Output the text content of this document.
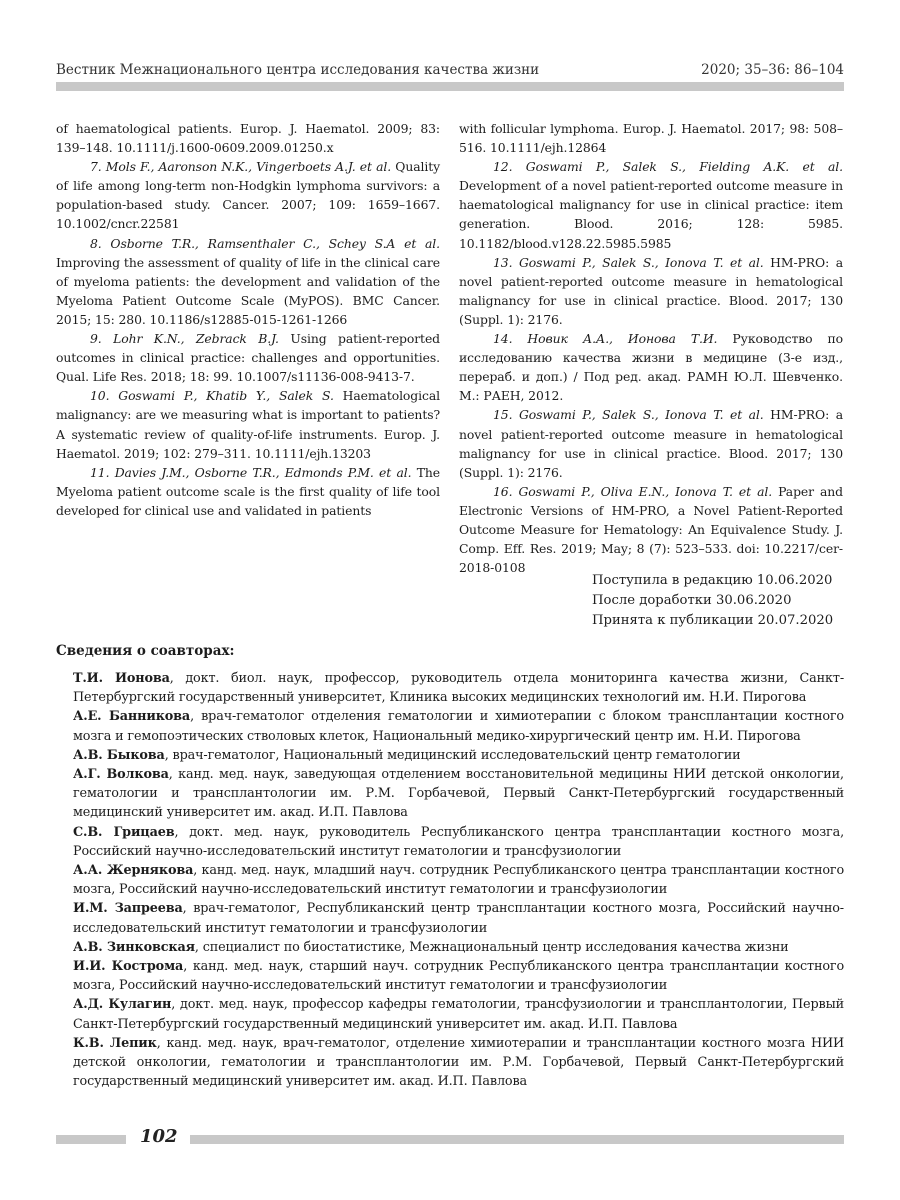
Вестник Межнационального центра исследования качества жизни	2020; 35–36: 86–104

of haematological patients. Europ. J. Haematol. 2009; 83: 139–148. 10.1111/j.1600-0609.2009.01250.x

7. Mols F., Aaronson N.K., Vingerboets A.J. et al. Quality of life among long-term non-Hodgkin lymphoma survivors: a population-based study. Cancer. 2007; 109: 1659–1667. 10.1002/cncr.22581

8. Osborne T.R., Ramsenthaler C., Schey S.A et al. Improving the assessment of quality of life in the clinical care of myeloma patients: the development and validation of the Myeloma Patient Outcome Scale (MyPOS). BMC Cancer. 2015; 15: 280. 10.1186/s12885-015-1261-1266

9. Lohr K.N., Zebrack B.J. Using patient-reported outcomes in clinical practice: challenges and opportunities. Qual. Life Res. 2018; 18: 99. 10.1007/s11136-008-9413-7.

10. Goswami P., Khatib Y., Salek S. Haematological malignancy: are we measuring what is important to patients? A systematic review of quality-of-life instruments. Europ. J. Haematol. 2019; 102: 279–311. 10.1111/ejh.13203

11. Davies J.M., Osborne T.R., Edmonds P.M. et al. The Myeloma patient outcome scale is the first quality of life tool developed for clinical use and validated in patients

with follicular lymphoma. Europ. J. Haematol. 2017; 98: 508–516. 10.1111/ejh.12864

12. Goswami P., Salek S., Fielding A.K. et al. Development of a novel patient-reported outcome measure in haematological malignancy for use in clinical practice: item generation. Blood. 2016; 128: 5985. 10.1182/blood.v128.22.5985.5985

13. Goswami P., Salek S., Ionova T. et al. HM-PRO: a novel patient-reported outcome measure in hematological malignancy for use in clinical practice. Blood. 2017; 130 (Suppl. 1): 2176.

14. Новик А.А., Ионова Т.И. Руководство по исследованию качества жизни в медицине (3-е изд., перераб. и доп.) / Под ред. акад. РАМН Ю.Л. Шевченко. М.: РАЕН, 2012.

15. Goswami P., Salek S., Ionova T. et al. HM-PRO: a novel patient-reported outcome measure in hematological malignancy for use in clinical practice. Blood. 2017; 130 (Suppl. 1): 2176.

16. Goswami P., Oliva E.N., Ionova T. et al. Paper and Electronic Versions of HM-PRO, a Novel Patient-Reported Outcome Measure for Hematology: An Equivalence Study. J. Comp. Eff. Res. 2019; May; 8 (7): 523–533. doi: 10.2217/cer-2018-0108

Поступила в редакцию 10.06.2020
После доработки 30.06.2020
Принята к публикации 20.07.2020
Сведения о соавторах:

Т.И. Ионова, докт. биол. наук, профессор, руководитель отдела мониторинга качества жизни, Санкт-Петербургский государственный университет, Клиника высоких медицинских технологий им. Н.И. Пирогова

А.Е. Банникова, врач-гематолог отделения гематологии и химиотерапии с блоком трансплантации костного мозга и гемопоэтических стволовых клеток, Национальный медико-хирургический центр им. Н.И. Пирогова

А.В. Быкова, врач-гематолог, Национальный медицинский исследовательский центр гематологии

А.Г. Волкова, канд. мед. наук, заведующая отделением восстановительной медицины НИИ детской онкологии, гематологии и трансплантологии им. Р.М. Горбачевой, Первый Санкт-Петербургский государственный медицинский университет им. акад. И.П. Павлова

С.В. Грицаев, докт. мед. наук, руководитель Республиканского центра трансплантации костного мозга, Российский научно-исследовательский институт гематологии и трансфузиологии

А.А. Жернякова, канд. мед. наук, младший науч. сотрудник Республиканского центра трансплантации костного мозга, Российский научно-исследовательский институт гематологии и трансфузиологии

И.М. Запреева, врач-гематолог, Республиканский центр трансплантации костного мозга, Российский научно-исследовательский институт гематологии и трансфузиологии

А.В. Зинковская, специалист по биостатистике, Межнациональный центр исследования качества жизни

И.И. Кострома, канд. мед. наук, старший науч. сотрудник Республиканского центра трансплантации костного мозга, Российский научно-исследовательский институт гематологии и трансфузиологии

А.Д. Кулагин, докт. мед. наук, профессор кафедры гематологии, трансфузиологии и трансплантологии, Первый Санкт-Петербургский государственный медицинский университет им. акад. И.П. Павлова

К.В. Лепик, канд. мед. наук, врач-гематолог, отделение химиотерапии и трансплантации костного мозга НИИ детской онкологии, гематологии и трансплантологии им. Р.М. Горбачевой, Первый Санкт-Петербургский государственный медицинский университет им. акад. И.П. Павлова

102
